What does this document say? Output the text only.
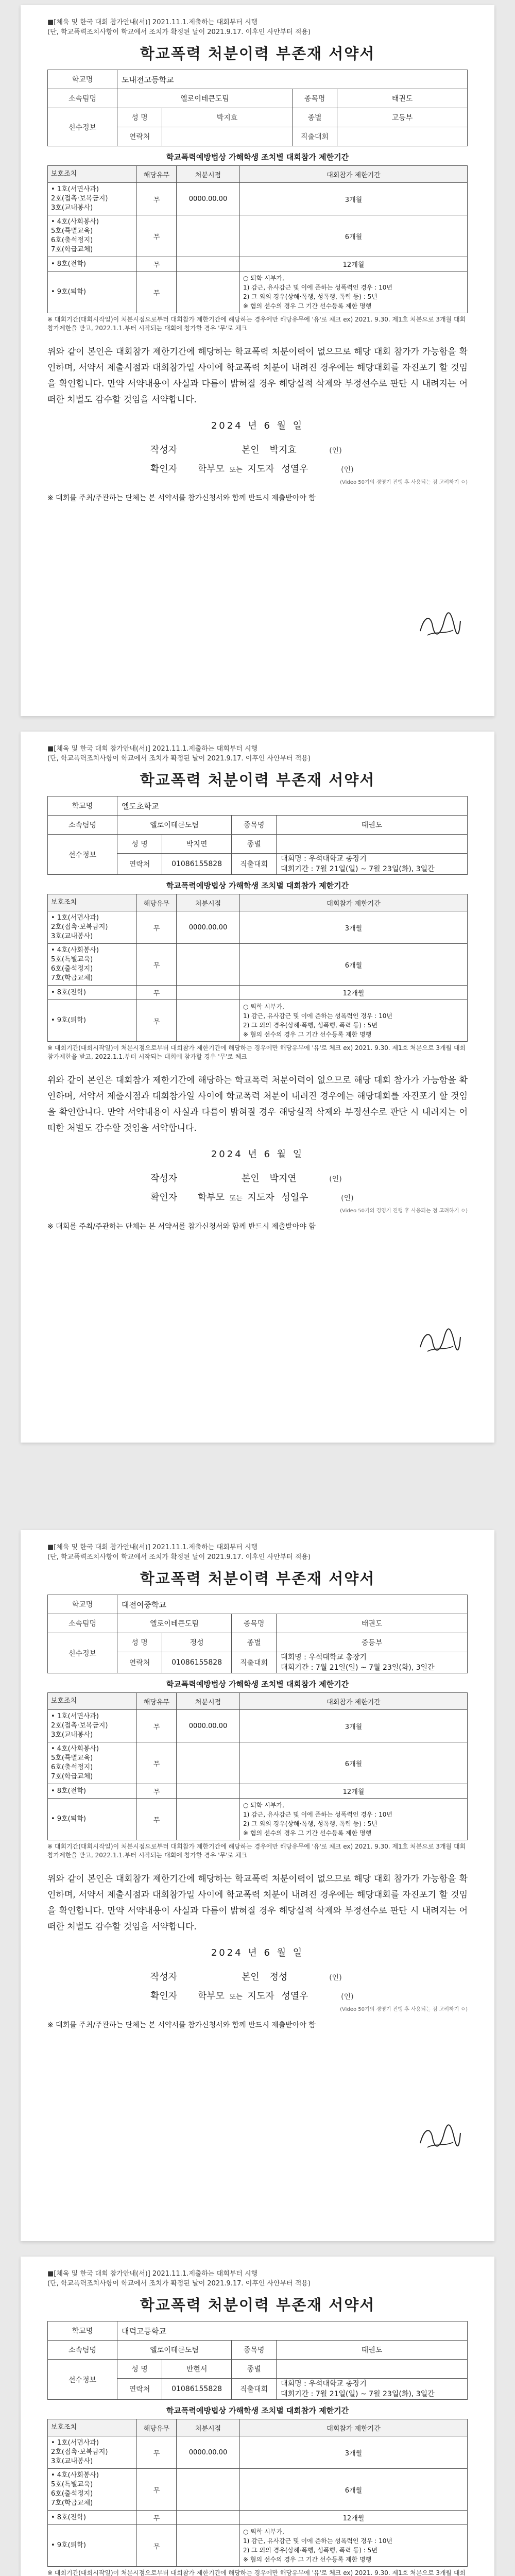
■[체육 및 한국 대회 참가안내(서)] 2021.11.1.제출하는 대회부터 시행
(단, 학교폭력조치사항이 학교에서 조치가 확정된 날이 2021.9.17. 이후인 사안부터 적용)
학교폭력 처분이력 부존재 서약서
학교명	도내전고등학교			
소속팀명	엘로이테큰도팀		종목명	태권도
선수정보	성 명	박지효	종별	고등부
	연락처		직출대회	
학교폭력예방법상 가해학생 조치별 대회참가 제한기간
보호조치	해당유무	처분시점	대회참가 제한기간
• 1호(서면사과)
2호(접촉·보복금지)
3호(교내봉사)	무	0000.00.00	3개월
• 4호(사회봉사)
5호(특별교육)
6호(출석정지)
7호(학급교체)	무		6개월
• 8호(전학)	무		12개월
• 9호(퇴학)	무		○ 퇴학 시부가,
1) 감근, 유사감근 및 이에 준하는 성폭력인 경우 : 10년
2) 그 외의 경우(상해·폭행, 성폭행, 폭력 등) : 5년
※ 혐의 선수의 경우 그 기간 선수등록 제한 명행
※ 대회기간(대회시작일)이 처분시점으로부터 대회참가 제한기간에 해당하는 경우에만 해당유무에 '유'로 체크 ex) 2021. 9.30. 제1호 처분으로 3개월 대회 참가제한을 받고, 2022.1.1.부터 시작되는 대회에 참가할 경우 '무'로 체크
위와 같이 본인은 대회참가 제한기간에 해당하는 학교폭력 처분이력이 없으므로 해당 대회 참가가 가능함을 확인하며, 서약서 제출시점과 대회참가일 사이에 학교폭력 처분이 내려진 경우에는 해당대회를 자진포기 할 것임을 확인합니다. 만약 서약내용이 사실과 다름이 밝혀질 경우 해당실적 삭제와 부정선수로 판단 시 내려지는 어떠한 처벌도 감수할 것임을 서약합니다.
2024 년 6 월 일
작성자	본인 박지효	(인)
확인자 학부모 또는 지도자 성열우	(인)
(Video 50기의 경영기 진행 후 사용되는 점 고려하기 ㅇ)
※ 대회를 주최/주관하는 단체는 본 서약서를 참가신청서와 함께 반드시 제출받아야 함
■[체육 및 한국 대회 참가안내(서)] 2021.11.1.제출하는 대회부터 시행
(단, 학교폭력조치사항이 학교에서 조치가 확정된 날이 2021.9.17. 이후인 사안부터 적용)
학교폭력 처분이력 부존재 서약서
학교명	엘도초학교			
소속팀명	엘로이테큰도팀		종목명	태권도
선수정보	성 명	박지연	종별	
	연락처	01086155828	직출대회	대회명 : 우석대학교 총장기
대회기간 : 7월 21일(일) ~ 7월 23일(화), 3일간
학교폭력예방법상 가해학생 조치별 대회참가 제한기간
보호조치	해당유무	처분시점	대회참가 제한기간
• 1호(서면사과)
2호(접촉·보복금지)
3호(교내봉사)	무	0000.00.00	3개월
• 4호(사회봉사)
5호(특별교육)
6호(출석정지)
7호(학급교체)	무		6개월
• 8호(전학)	무		12개월
• 9호(퇴학)	무		○ 퇴학 시부가,
1) 감근, 유사감근 및 이에 준하는 성폭력인 경우 : 10년
2) 그 외의 경우(상해·폭행, 성폭행, 폭력 등) : 5년
※ 혐의 선수의 경우 그 기간 선수등록 제한 명행
※ 대회기간(대회시작일)이 처분시점으로부터 대회참가 제한기간에 해당하는 경우에만 해당유무에 '유'로 체크 ex) 2021. 9.30. 제1호 처분으로 3개월 대회 참가제한을 받고, 2022.1.1.부터 시작되는 대회에 참가할 경우 '무'로 체크
위와 같이 본인은 대회참가 제한기간에 해당하는 학교폭력 처분이력이 없으므로 해당 대회 참가가 가능함을 확인하며, 서약서 제출시점과 대회참가일 사이에 학교폭력 처분이 내려진 경우에는 해당대회를 자진포기 할 것임을 확인합니다. 만약 서약내용이 사실과 다름이 밝혀질 경우 해당실적 삭제와 부정선수로 판단 시 내려지는 어떠한 처벌도 감수할 것임을 서약합니다.
2024 년 6 월 일
작성자	본인 박지연	(인)
확인자 학부모 또는 지도자 성열우	(인)
(Video 50기의 경영기 진행 후 사용되는 점 고려하기 ㅇ)
※ 대회를 주최/주관하는 단체는 본 서약서를 참가신청서와 함께 반드시 제출받아야 함
■[체육 및 한국 대회 참가안내(서)] 2021.11.1.제출하는 대회부터 시행
(단, 학교폭력조치사항이 학교에서 조치가 확정된 날이 2021.9.17. 이후인 사안부터 적용)
학교폭력 처분이력 부존재 서약서
학교명	대전여중학교			
소속팀명	엘로이테큰도팀		종목명	태권도
선수정보	성 명	정성	종별	중등부
	연락처	01086155828	직출대회	대회명 : 우석대학교 총장기
대회기간 : 7월 21일(일) ~ 7월 23일(화), 3일간
학교폭력예방법상 가해학생 조치별 대회참가 제한기간
보호조치	해당유무	처분시점	대회참가 제한기간
• 1호(서면사과)
2호(접촉·보복금지)
3호(교내봉사)	무	0000.00.00	3개월
• 4호(사회봉사)
5호(특별교육)
6호(출석정지)
7호(학급교체)	무		6개월
• 8호(전학)	무		12개월
• 9호(퇴학)	무		○ 퇴학 시부가,
1) 감근, 유사감근 및 이에 준하는 성폭력인 경우 : 10년
2) 그 외의 경우(상해·폭행, 성폭행, 폭력 등) : 5년
※ 혐의 선수의 경우 그 기간 선수등록 제한 명행
※ 대회기간(대회시작일)이 처분시점으로부터 대회참가 제한기간에 해당하는 경우에만 해당유무에 '유'로 체크 ex) 2021. 9.30. 제1호 처분으로 3개월 대회 참가제한을 받고, 2022.1.1.부터 시작되는 대회에 참가할 경우 '무'로 체크
위와 같이 본인은 대회참가 제한기간에 해당하는 학교폭력 처분이력이 없으므로 해당 대회 참가가 가능함을 확인하며, 서약서 제출시점과 대회참가일 사이에 학교폭력 처분이 내려진 경우에는 해당대회를 자진포기 할 것임을 확인합니다. 만약 서약내용이 사실과 다름이 밝혀질 경우 해당실적 삭제와 부정선수로 판단 시 내려지는 어떠한 처벌도 감수할 것임을 서약합니다.
2024 년 6 월 일
작성자	본인 정성	(인)
확인자 학부모 또는 지도자 성열우	(인)
(Video 50기의 경영기 진행 후 사용되는 점 고려하기 ㅇ)
※ 대회를 주최/주관하는 단체는 본 서약서를 참가신청서와 함께 반드시 제출받아야 함
■[체육 및 한국 대회 참가안내(서)] 2021.11.1.제출하는 대회부터 시행
(단, 학교폭력조치사항이 학교에서 조치가 확정된 날이 2021.9.17. 이후인 사안부터 적용)
학교폭력 처분이력 부존재 서약서
학교명	대덕고등학교			
소속팀명	엘로이테큰도팀		종목명	태권도
선수정보	성 명	반현서	종별	
	연락처	01086155828	직출대회	대회명 : 우석대학교 총장기
대회기간 : 7월 21일(일) ~ 7월 23일(화), 3일간
학교폭력예방법상 가해학생 조치별 대회참가 제한기간
보호조치	해당유무	처분시점	대회참가 제한기간
• 1호(서면사과)
2호(접촉·보복금지)
3호(교내봉사)	무	0000.00.00	3개월
• 4호(사회봉사)
5호(특별교육)
6호(출석정지)
7호(학급교체)	무		6개월
• 8호(전학)	무		12개월
• 9호(퇴학)	무		○ 퇴학 시부가,
1) 감근, 유사감근 및 이에 준하는 성폭력인 경우 : 10년
2) 그 외의 경우(상해·폭행, 성폭행, 폭력 등) : 5년
※ 혐의 선수의 경우 그 기간 선수등록 제한 명행
※ 대회기간(대회시작일)이 처분시점으로부터 대회참가 제한기간에 해당하는 경우에만 해당유무에 '유'로 체크 ex) 2021. 9.30. 제1호 처분으로 3개월 대회
